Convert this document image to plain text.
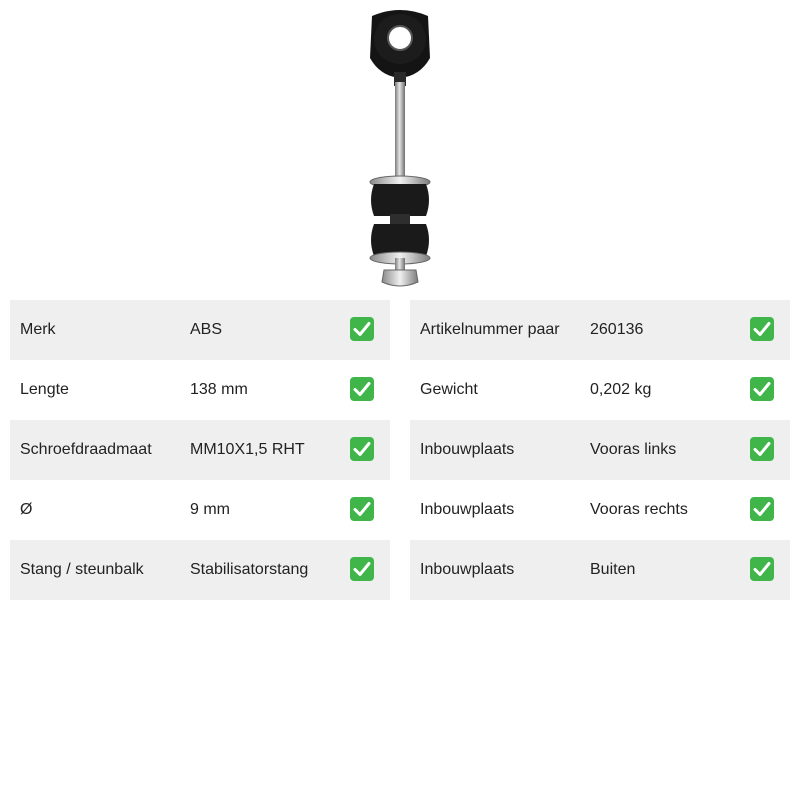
Merk	ABS
Lengte	138 mm
Schroefdraadmaat MM10X1,5 RHT
Ø	9 mm
Stang / steunbalk	Stabilisatorstang
Artikelnummer paar 260136
Gewicht	0,202 kg
Inbouwplaats	Vooras links
Inbouwplaats	Vooras rechts
Inbouwplaats	Buiten
